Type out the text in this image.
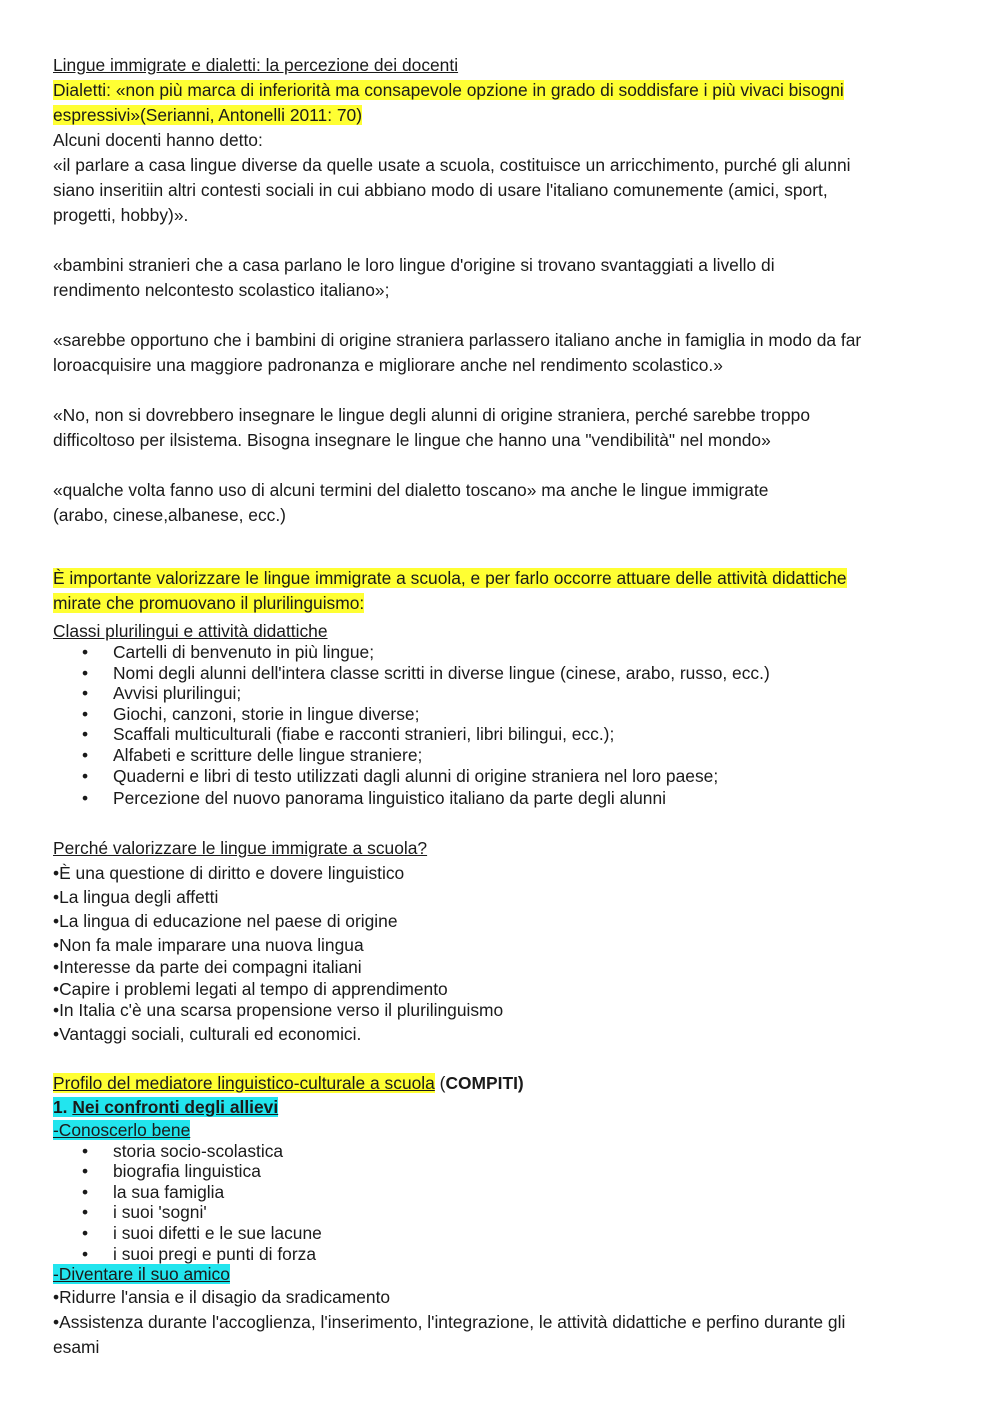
Lingue immigrate e dialetti: la percezione dei docenti
Dialetti: «non più marca di inferiorità ma consapevole opzione in grado di soddisfare i più vivaci bisogni
espressivi»(Serianni, Antonelli 2011: 70)
Alcuni docenti hanno detto:
«il parlare a casa lingue diverse da quelle usate a scuola, costituisce un arricchimento, purché gli alunni
siano inseritiin altri contesti sociali in cui abbiano modo di usare l'italiano comunemente (amici, sport,
progetti, hobby)».
«bambini stranieri che a casa parlano le loro lingue d'origine si trovano svantaggiati a livello di
rendimento nelcontesto scolastico italiano»;
«sarebbe opportuno che i bambini di origine straniera parlassero italiano anche in famiglia in modo da far
loroacquisire una maggiore padronanza e migliorare anche nel rendimento scolastico.»
«No, non si dovrebbero insegnare le lingue degli alunni di origine straniera, perché sarebbe troppo
difficoltoso per ilsistema. Bisogna insegnare le lingue che hanno una "vendibilità" nel mondo»
«qualche volta fanno uso di alcuni termini del dialetto toscano» ma anche le lingue immigrate
(arabo, cinese,albanese, ecc.)
È importante valorizzare le lingue immigrate a scuola, e per farlo occorre attuare delle attività didattiche
mirate che promuovano il plurilinguismo:
Classi plurilingui e attività didattiche
• Cartelli di benvenuto in più lingue;
• Nomi degli alunni dell'intera classe scritti in diverse lingue (cinese, arabo, russo, ecc.)
• Avvisi plurilingui;
• Giochi, canzoni, storie in lingue diverse;
• Scaffali multiculturali (fiabe e racconti stranieri, libri bilingui, ecc.);
• Alfabeti e scritture delle lingue straniere;
• Quaderni e libri di testo utilizzati dagli alunni di origine straniera nel loro paese;
• Percezione del nuovo panorama linguistico italiano da parte degli alunni
Perché valorizzare le lingue immigrate a scuola?
•È una questione di diritto e dovere linguistico
•La lingua degli affetti
•La lingua di educazione nel paese di origine
•Non fa male imparare una nuova lingua
•Interesse da parte dei compagni italiani
•Capire i problemi legati al tempo di apprendimento
•In Italia c'è una scarsa propensione verso il plurilinguismo
•Vantaggi sociali, culturali ed economici.
Profilo del mediatore linguistico-culturale a scuola (COMPITI)
1. Nei confronti degli allievi
-Conoscerlo bene
• storia socio-scolastica
• biografia linguistica
• la sua famiglia
• i suoi 'sogni'
• i suoi difetti e le sue lacune
• i suoi pregi e punti di forza
-Diventare il suo amico
•Ridurre l'ansia e il disagio da sradicamento
•Assistenza durante l'accoglienza, l'inserimento, l'integrazione, le attività didattiche e perfino durante gli
esami
